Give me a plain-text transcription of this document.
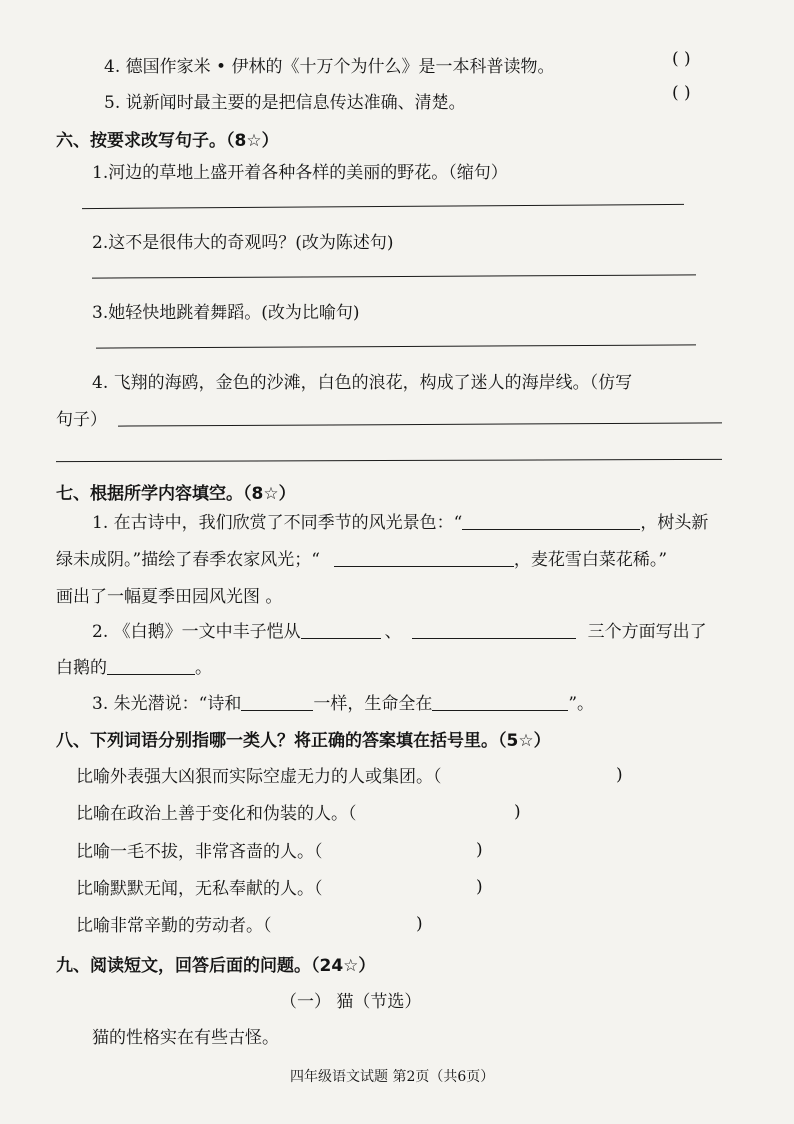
4. 德国作家米 • 伊林的《十万个为什么》是一本科普读物。	( )
5. 说新闻时最主要的是把信息传达准确、清楚。	( )
六、按要求改写句子。（8☆）
1.河边的草地上盛开着各种各样的美丽的野花。（缩句）
2.这不是很伟大的奇观吗？(改为陈述句)
3.她轻快地跳着舞蹈。(改为比喻句)
4. 飞翔的海鸥，金色的沙滩，白色的浪花，构成了迷人的海岸线。（仿写
句子）
七、根据所学内容填空。（8☆）
1. 在古诗中，我们欣赏了不同季节的风光景色：“	，树头新
绿未成阴。”描绘了春季农家风光；“	，麦花雪白菜花稀。”
画出了一幅夏季田园风光图 。
2. 《白鹅》一文中丰子恺从	、	三个方面写出了
白鹅的	。
3. 朱光潜说：“诗和	一样，生命全在	”。
八、下列词语分别指哪一类人？将正确的答案填在括号里。（5☆）
比喻外表强大凶狠而实际空虚无力的人或集团。（	)
比喻在政治上善于变化和伪装的人。（	)
比喻一毛不拔，非常吝啬的人。（	)
比喻默默无闻，无私奉献的人。（	)
比喻非常辛勤的劳动者。（	)
九、阅读短文，回答后面的问题。（24☆）
（一） 猫（节选）
猫的性格实在有些古怪。
四年级语文试题 第2页（共6页）
